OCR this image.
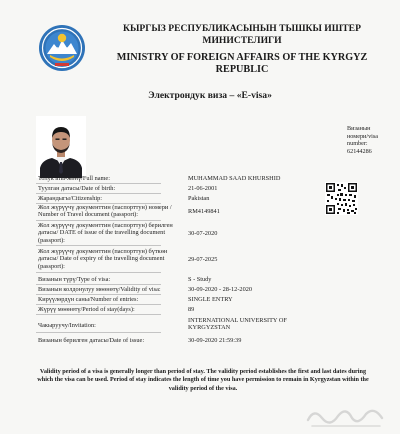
КЫРГЫЗ РЕСПУБЛИКАСЫНЫН ТЫШКЫ ИШТЕР МИНИСТЕЛИГИ
MINISTRY OF FOREIGN AFFAIRS OF THE KYRGYZ REPUBLIC
Электрондук виза – «E-visa»
Визанын номери/visa number:
62144286
Толук аты-жөнү/Full name:	MUHAMMAD SAAD KHURSHID
Туулган датасы/Date of birth:	21-06-2001
Жарандыгы/Citizenship:	Pakistan
Жол жүрүүчү документтин (паспорттун) номери / Number of Travel document (passport):	RM4149841
Жол жүрүүчү документтин (паспорттун) берилген датасы/ DATE of issue of the travelling document (passport):
30-07-2020
Жол жүрүүчү документтин (паспорттун) бүткөн датасы/ Date of expiry of the travelling document (passport):
29-07-2025
Визанын түрү/Type of visa:	S - Study
Визанын колдонулуу мөөнөтү/Validity of visa:	30-09-2020 - 28-12-2020
Кирүүлөрдүн саны/Number of entries:	SINGLE ENTRY
Жүрүү мөөнөтү/Period of stay(days):	89
Чакыруучу/Invitation:
INTERNATIONAL UNIVERSITY OF KYRGYZSTAN
Визанын берилген датасы/Date of issue:	30-09-2020 21:59:39
Validity period of a visa is generally longer than period of stay. The validity period establishes the first and last dates during which the visa can be used. Period of stay indicates the length of time you have permission to remain in Kyrgyzstan within the validity period of the visa.
